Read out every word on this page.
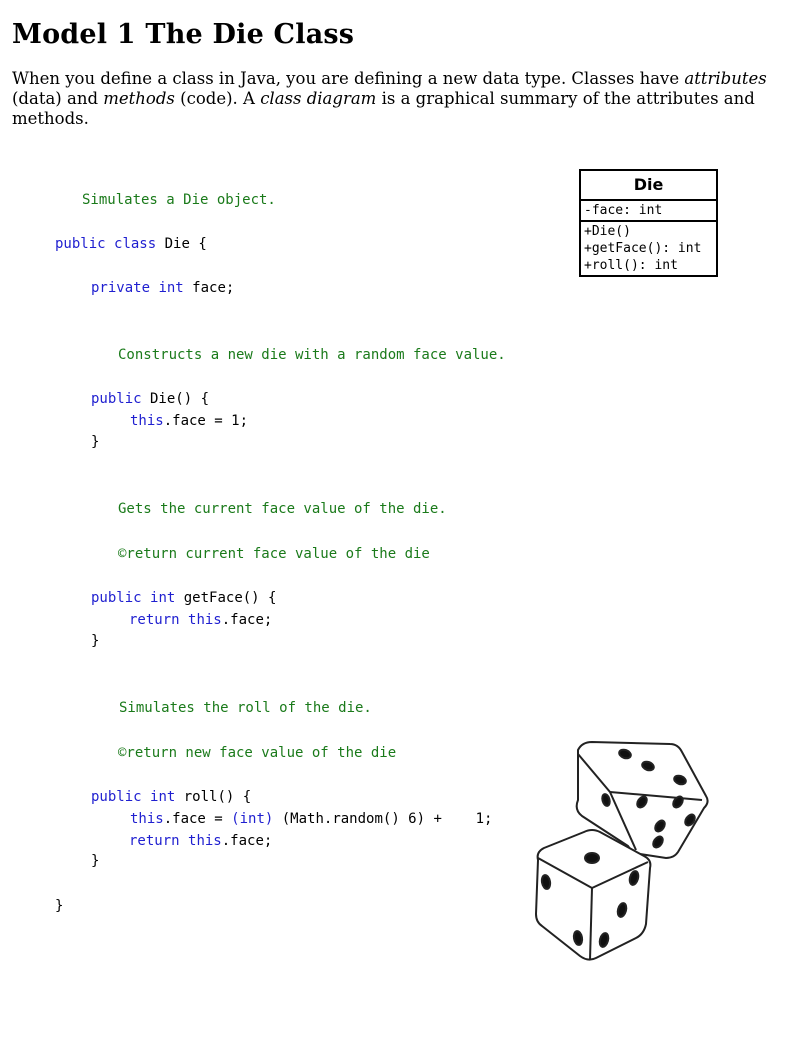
Model 1 The Die Class

When you define a class in Java, you are defining a new data type. Classes have attributes (data) and methods (code). A class diagram is a graphical summary of the attributes and methods.

Simulates a Die object.
public class Die {
private int face;
Constructs a new die with a random face value.
public Die() {
this.face = 1;
}
Gets the current face value of the die.
©return current face value of the die
public int getFace() {
return this.face;
}
Simulates the roll of the die.
©return new face value of the die
public int roll() {
this.face = (int) (Math.random() 6) +    1;
return this.face;
}
}
Die
-face: int
+Die()
+getFace(): int
+roll(): int
